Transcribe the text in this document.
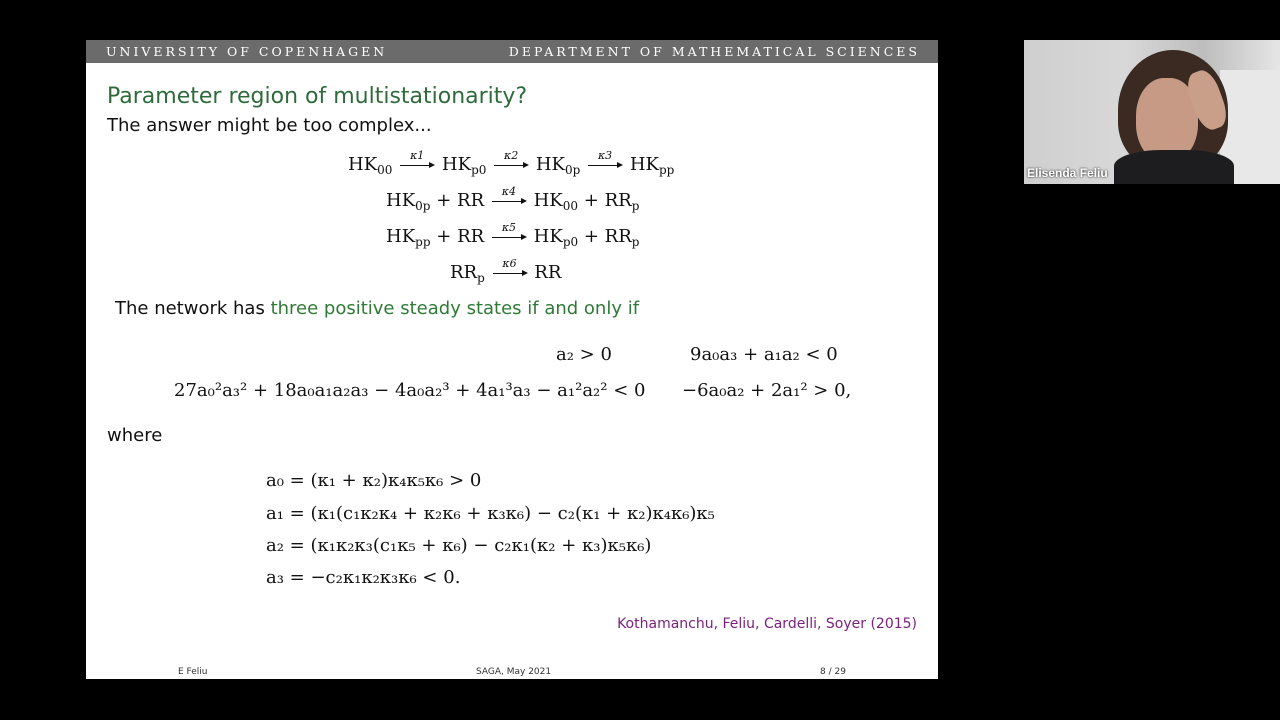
UNIVERSITY OF COPENHAGEN	DEPARTMENT OF MATHEMATICAL SCIENCES
Parameter region of multistationarity?
The answer might be too complex...
$HK_{00}$
κ1 $HK_{p0}$
κ2 $HK_{0p}$
κ3 $HK_{pp}$
$HK_{0p}$ + RR	κ4 $HK_{00} + RR_p$
$HK_{pp}$ + RR	κ5 $HK_{p0} + RR_p$
$RR_p$
κ6 RR
The network has three positive steady states if and only if
a₂ > 0	9a₀a₃ + a₁a₂ < 0
27a₀²a₃² + 18a₀a₁a₂a₃ − 4a₀a₂³ + 4a₁³a₃ − a₁²a₂² < 0 −6a₀a₂ + 2a₁² > 0,
where
a₀ = (κ₁ + κ₂)κ₄κ₅κ₆ > 0
a₁ = (κ₁(c₁κ₂κ₄ + κ₂κ₆ + κ₃κ₆) − c₂(κ₁ + κ₂)κ₄κ₆)κ₅
a₂ = (κ₁κ₂κ₃(c₁κ₅ + κ₆) − c₂κ₁(κ₂ + κ₃)κ₅κ₆)
a₃ = −c₂κ₁κ₂κ₃κ₆ < 0.
Kothamanchu, Feliu, Cardelli, Soyer (2015)
E Feliu	SAGA, May 2021	8 / 29
Elisenda Feliu
